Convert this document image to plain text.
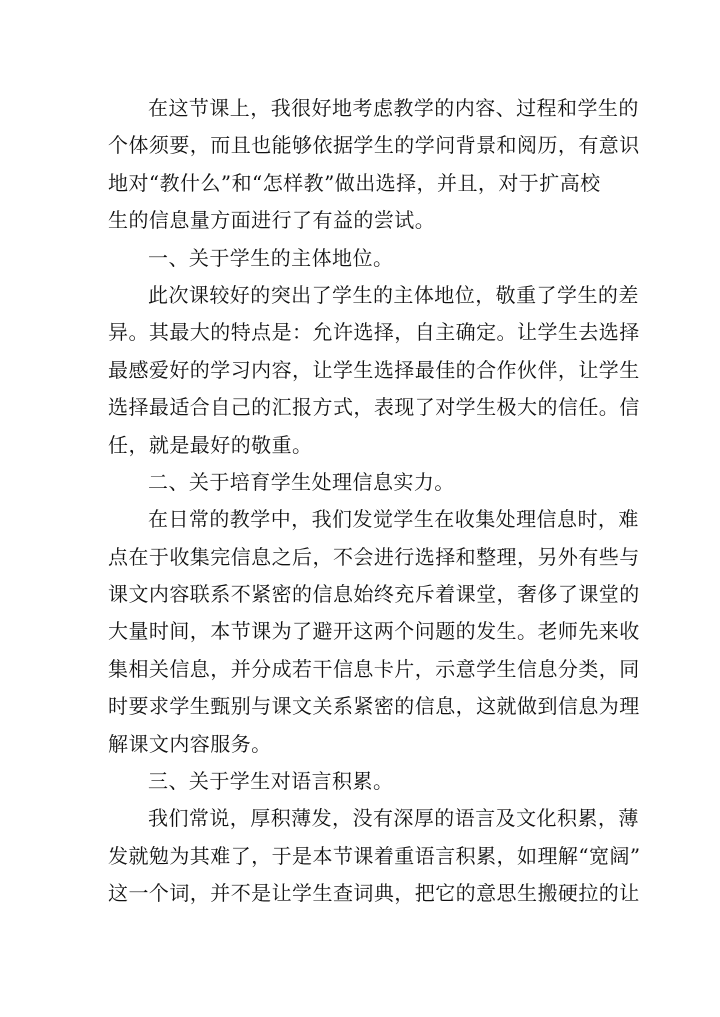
在这节课上，我很好地考虑教学的内容、过程和学生的
个体须要，而且也能够依据学生的学问背景和阅历，有意识
地对“教什么”和“怎样教”做出选择，并且，对于扩高校
生的信息量方面进行了有益的尝试。
一、关于学生的主体地位。
此次课较好的突出了学生的主体地位，敬重了学生的差
异。其最大的特点是：允许选择，自主确定。让学生去选择
最感爱好的学习内容，让学生选择最佳的合作伙伴，让学生
选择最适合自己的汇报方式，表现了对学生极大的信任。信
任，就是最好的敬重。
二、关于培育学生处理信息实力。
在日常的教学中，我们发觉学生在收集处理信息时，难
点在于收集完信息之后，不会进行选择和整理，另外有些与
课文内容联系不紧密的信息始终充斥着课堂，奢侈了课堂的
大量时间，本节课为了避开这两个问题的发生。老师先来收
集相关信息，并分成若干信息卡片，示意学生信息分类，同
时要求学生甄别与课文关系紧密的信息，这就做到信息为理
解课文内容服务。
三、关于学生对语言积累。
我们常说，厚积薄发，没有深厚的语言及文化积累，薄
发就勉为其难了，于是本节课着重语言积累，如理解“宽阔”
这一个词，并不是让学生查词典，把它的意思生搬硬拉的让
